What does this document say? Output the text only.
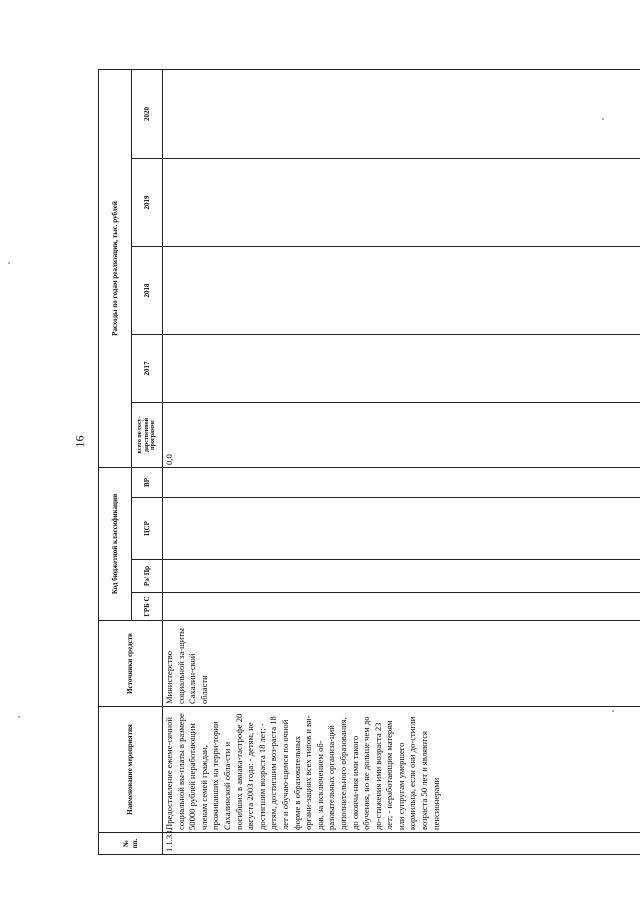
16
№ пп.	Наименование мероприятия	Источники средств	Код бюджетной классификации				Расходы по годам реализации, тыс. рублей				
			ГРБ С	Рз/ Пр	ЦСР	ВР	всего по госу-дарственной программе	2017	2018	2019	2020
1.1.33.	Предоставление ежеме-сячной социальной вы-платы в размере 50000 рублей неработающим членам семей граждан, проживавших на терри-тории Сахалинской обла-сти и погибших в авиака-тастрофе 20 августа 2003 года: - детям, не достигшим возраста 18 лет; - детям, достигшим воз-раста 18 лет и обучаю-щимся по очной форме в образовательных органи-зациях всех типов и ви-дов, за исключением об-разовательных организа-ций дополнительного образования, до оконча-ния ими такого обучения, но не дольше чем до до-стижения ими возраста 23 лет; - неработающим матерям или супругам умершего кормильца, если они до-стигли возраста 50 лет и являются пенсионерами	Министерство социальной за-щиты Сахалин-ской области					0,0				
